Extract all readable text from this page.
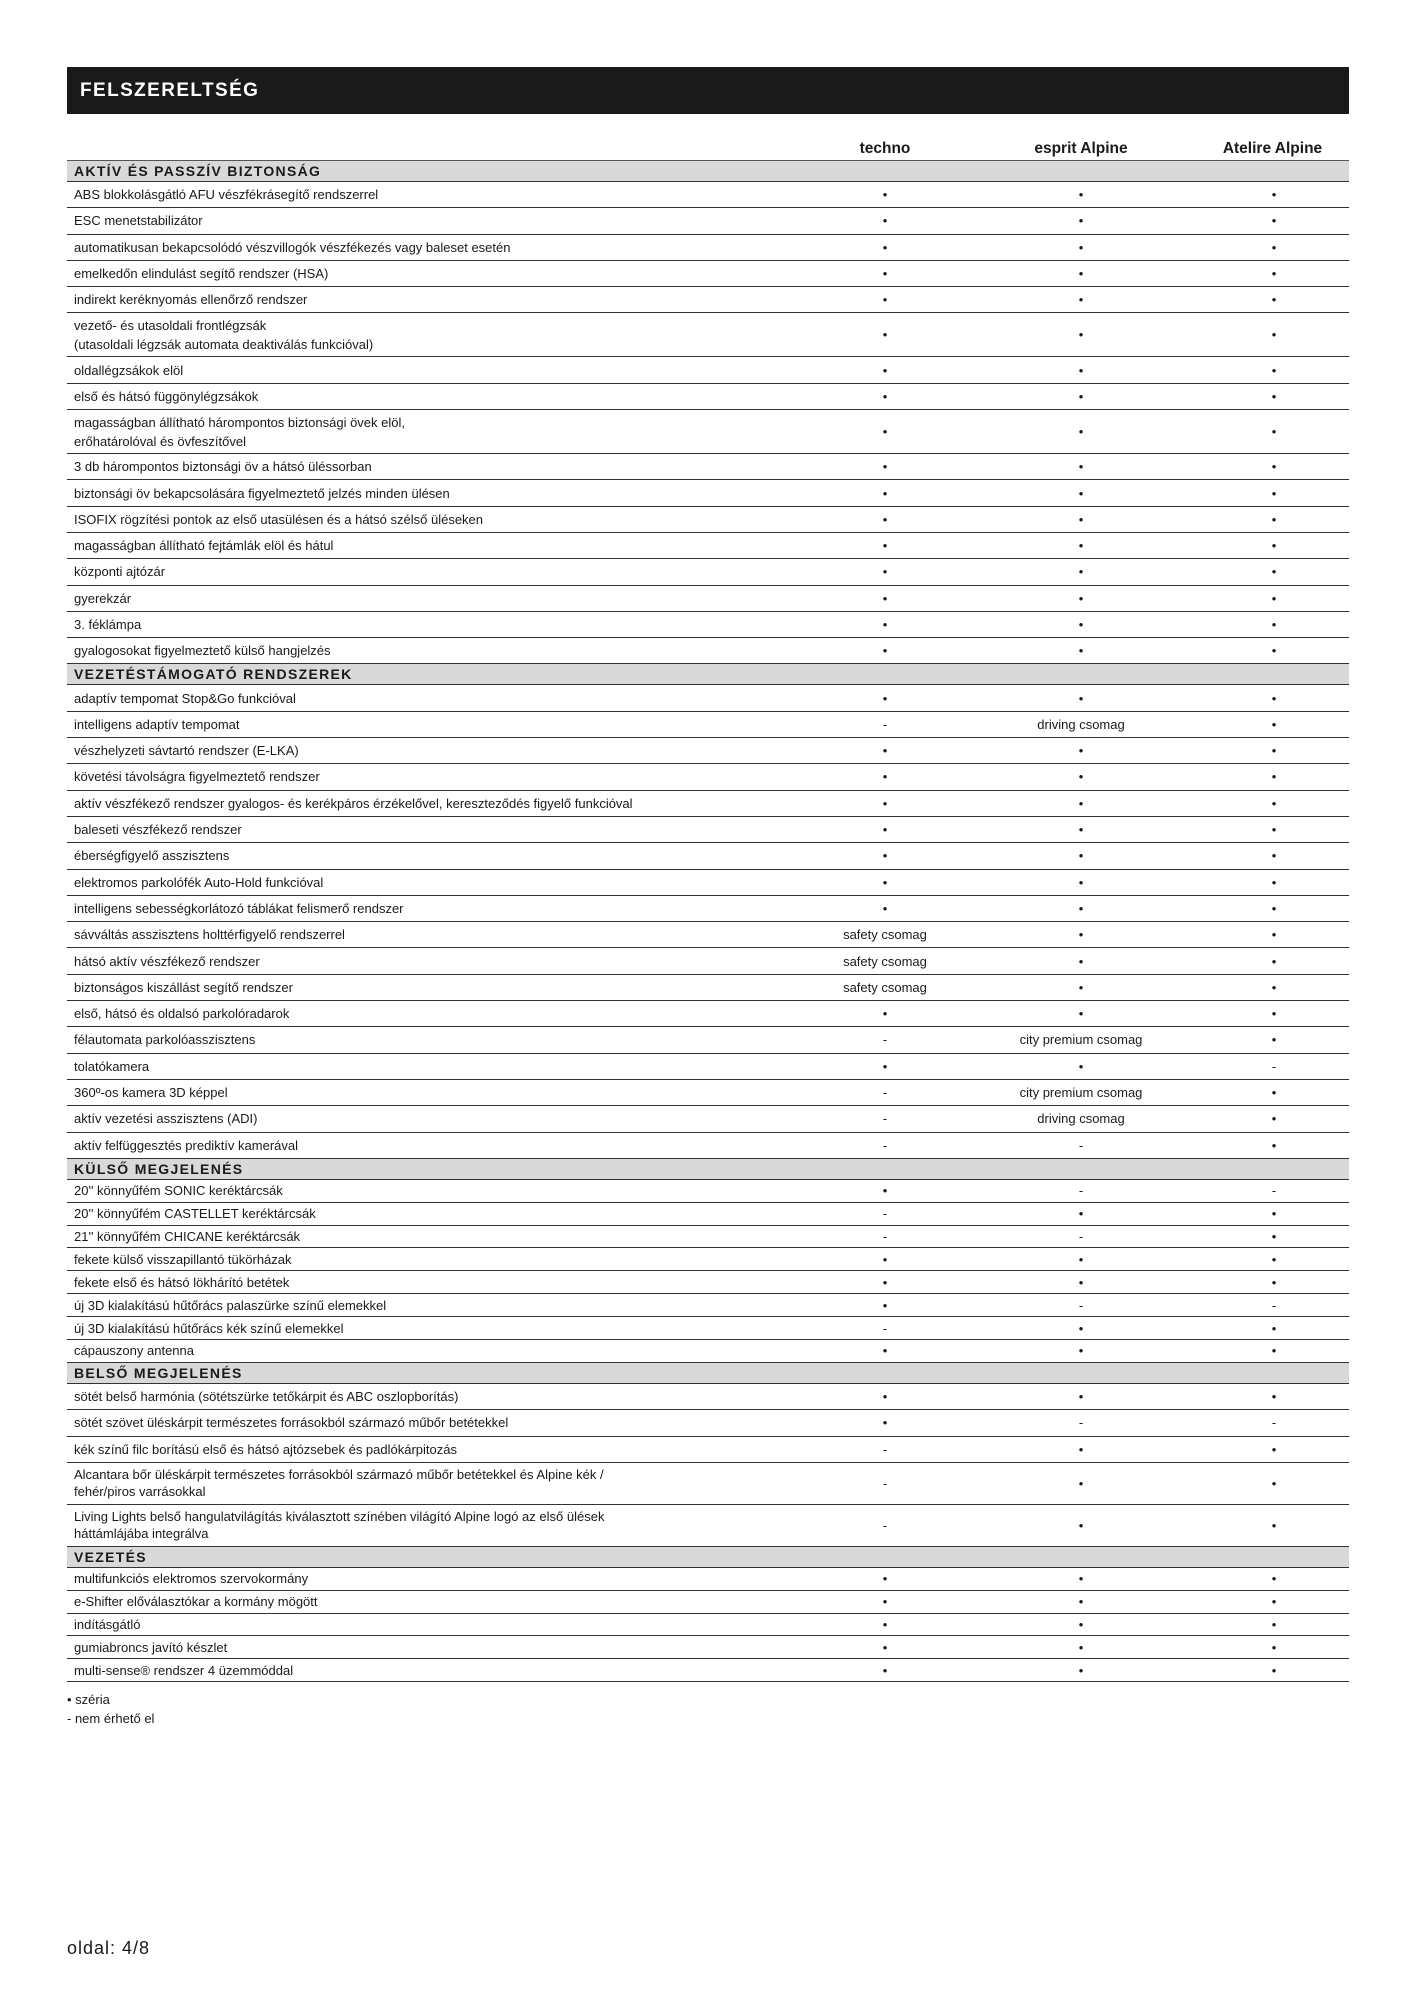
FELSZERELTSÉG
techno	esprit Alpine	Atelire Alpine
AKTÍV ÉS PASSZÍV BIZTONSÁG
ABS blokkolásgátló AFU vészfékrásegítő rendszerrel	•	•	•
ESC menetstabilizátor	•	•	•
automatikusan bekapcsolódó vészvillogók vészfékezés vagy baleset esetén	•	•	•
emelkedőn elindulást segítő rendszer (HSA)	•	•	•
indirekt keréknyomás ellenőrző rendszer	•	•	•
vezető- és utasoldali frontlégzsák
(utasoldali légzsák automata deaktiválás funkcióval)
•	•	•
oldallégzsákok elöl	•	•	•
első és hátsó függönylégzsákok	•	•	•
magasságban állítható hárompontos biztonsági övek elöl,
erőhatárolóval és övfeszítővel
•	•	•
3 db hárompontos biztonsági öv a hátsó üléssorban	•	•	•
biztonsági öv bekapcsolására figyelmeztető jelzés minden ülésen	•	•	•
ISOFIX rögzítési pontok az első utasülésen és a hátsó szélső üléseken	•	•	•
magasságban állítható fejtámlák elöl és hátul	•	•	•
központi ajtózár	•	•	•
gyerekzár	•	•	•
3. féklámpa	•	•	•
gyalogosokat figyelmeztető külső hangjelzés	•	•	•
VEZETÉSTÁMOGATÓ RENDSZEREK
adaptív tempomat Stop&Go funkcióval	•	•	•
intelligens adaptív tempomat	-	driving csomag	•
vészhelyzeti sávtartó rendszer (E-LKA)	•	•	•
követési távolságra figyelmeztető rendszer	•	•	•
aktív vészfékező rendszer gyalogos- és kerékpáros érzékelővel, kereszteződés figyelő funkcióval	•	•	•
baleseti vészfékező rendszer	•	•	•
éberségfigyelő asszisztens	•	•	•
elektromos parkolófék Auto-Hold funkcióval	•	•	•
intelligens sebességkorlátozó táblákat felismerő rendszer	•	•	•
sávváltás asszisztens holttérfigyelő rendszerrel	safety csomag	•	•
hátsó aktív vészfékező rendszer	safety csomag	•	•
biztonságos kiszállást segítő rendszer	safety csomag	•	•
első, hátsó és oldalsó parkolóradarok	•	•	•
félautomata parkolóasszisztens	-	city premium csomag	•
tolatókamera	•	•	-
360º-os kamera 3D képpel	-	city premium csomag	•
aktív vezetési asszisztens (ADI)	-	driving csomag	•
aktív felfüggesztés prediktív kamerával	-	-	•
KÜLSŐ MEGJELENÉS
20'' könnyűfém SONIC keréktárcsák	•	-	-
20'' könnyűfém CASTELLET keréktárcsák	-	•	•
21'' könnyűfém CHICANE keréktárcsák	-	-	•
fekete külső visszapillantó tükörházak	•	•	•
fekete első és hátsó lökhárító betétek	•	•	•
új 3D kialakítású hűtőrács palaszürke színű elemekkel	•	-	-
új 3D kialakítású hűtőrács kék színű elemekkel	-	•	•
cápauszony antenna	•	•	•
BELSŐ MEGJELENÉS
sötét belső harmónia (sötétszürke tetőkárpit és ABC oszlopborítás)	•	•	•
sötét szövet üléskárpit természetes forrásokból származó műbőr betétekkel	•	-	-
kék színű filc borítású első és hátsó ajtózsebek és padlókárpitozás	-	•	•
Alcantara bőr üléskárpit természetes forrásokból származó műbőr betétekkel és Alpine kék /
fehér/piros varrásokkal
-	•	•
Living Lights belső hangulatvilágítás kiválasztott színében világító Alpine logó az első ülések
háttámlájába integrálva
-	•	•
VEZETÉS
multifunkciós elektromos szervokormány	•	•	•
e-Shifter előválasztókar a kormány mögött	•	•	•
indításgátló	•	•	•
gumiabroncs javító készlet	•	•	•
multi-sense® rendszer 4 üzemmóddal	•	•	•
• széria
- nem érhető el
oldal: 4/8
